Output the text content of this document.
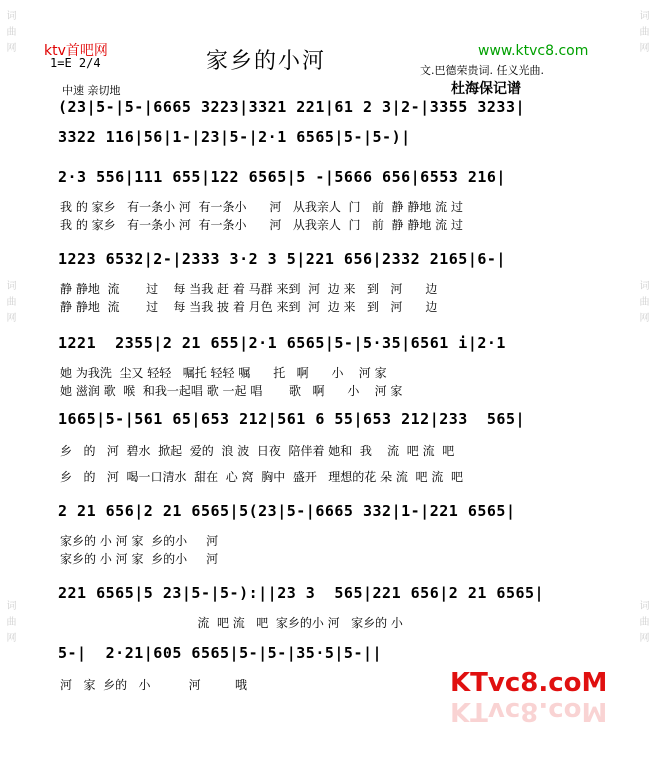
词
曲
网
词
曲
网
词
曲
网
词
曲
网
词
曲
网
词
曲
网
ktv首吧网
1=E 2/4	家乡的小河	www.ktvc8.com
文.巴德荣贵词. 任义光曲.
中速 亲切地	杜海保记谱
(23|5-|5-|6665 3223|3321 221|61 2 3|2-|3355 3233|
3322 116|56|1-|23|5-|2·1 6565|5-|5-)|
2·3 556|111 655|122 6565|5 -|5666 656|6553 216|
我 的 家乡   有一条小 河  有一条小      河   从我亲人  门   前  静 静地 流 过
我 的 家乡   有一条小 河  有一条小      河   从我亲人  门   前  静 静地 流 过
1223 6532|2-|2333 3·2 3 5|221 656|2332 2165|6-|
静 静地  流       过    每 当我 赶 着 马群 来到  河  边 来   到   河      边
静 静地  流       过    每 当我 披 着 月色 来到  河  边 来   到   河      边
1221  2355|2 21 655|2·1 6565|5-|5·35|6561 i|2·1
她 为我洗  尘又 轻轻   嘱托 轻轻 嘱      托   啊      小    河 家
她 滋润 歌  喉  和我一起唱 歌 一起 唱       歌   啊      小    河 家
1665|5-|561 65|653 212|561 6 55|653 212|233  565|
乡   的   河  碧水  掀起  爱的  浪 波  日夜  陪伴着 她和  我    流  吧 流  吧
乡   的   河  喝一口清水  甜在  心 窝  胸中  盛开   理想的花 朵 流  吧 流  吧
2 21 656|2 21 6565|5(23|5-|6665 332|1-|221 6565|
家乡的 小 河 家  乡的小     河
家乡的 小 河 家  乡的小     河
221 6565|5 23|5-|5-):||23 3  565|221 656|2 21 6565|
流  吧 流   吧  家乡的小 河   家乡的 小
5-|  2·21|605 6565|5-|5-|35·5|5-||
河   家  乡的   小          河         哦	KTvc8.coM
KTvc8.coM
